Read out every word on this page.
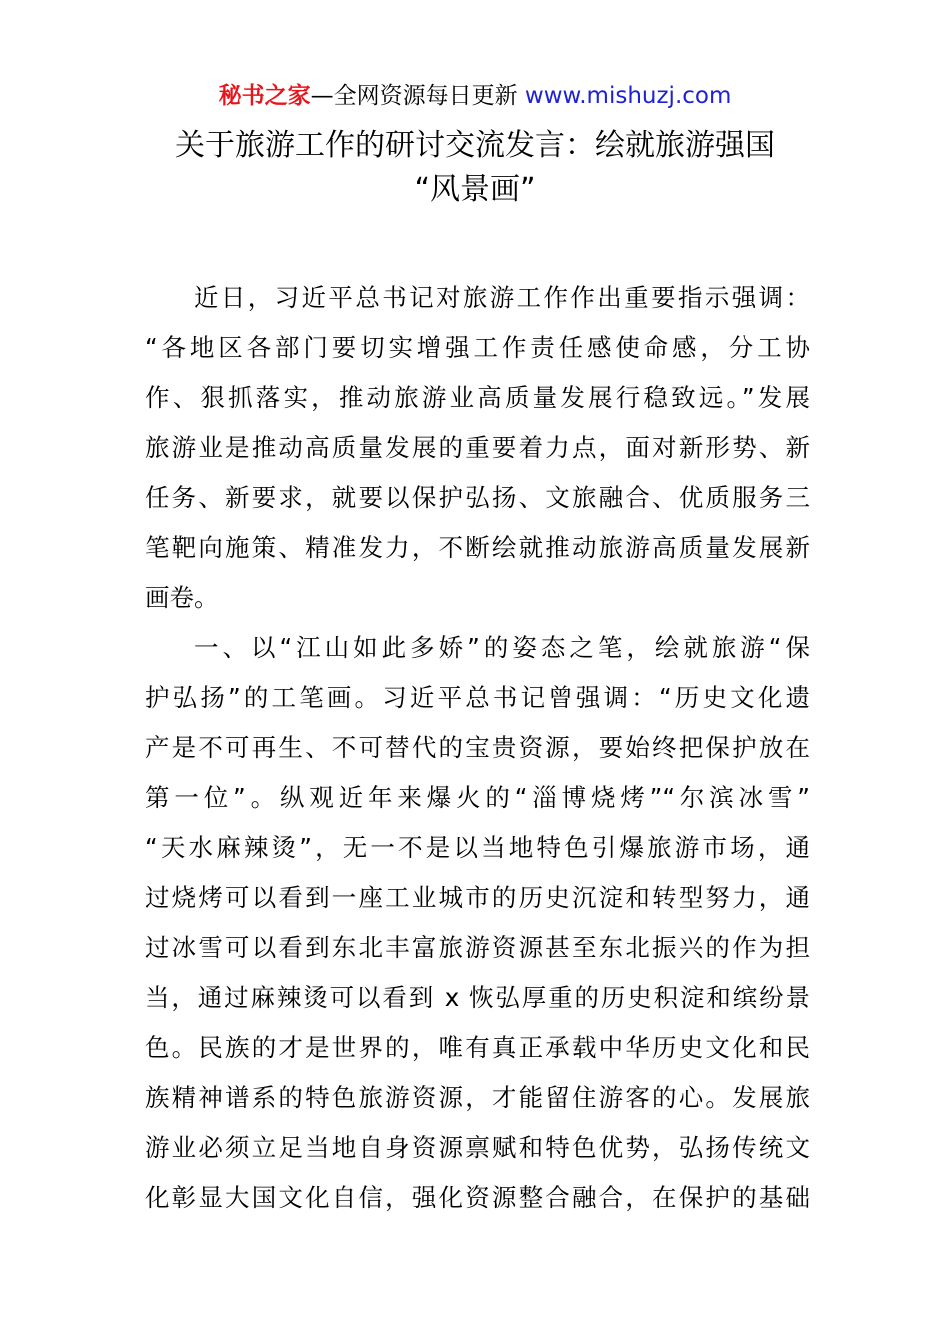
秘书之家—全网资源每日更新 www.mishuzj.com
关于旅游工作的研讨交流发言：绘就旅游强国
“风景画”
近日，习近平总书记对旅游工作作出重要指示强调：
“各地区各部门要切实增强工作责任感使命感，分工协
作、狠抓落实，推动旅游业高质量发展行稳致远。”发展
旅游业是推动高质量发展的重要着力点，面对新形势、新
任务、新要求，就要以保护弘扬、文旅融合、优质服务三
笔靶向施策、精准发力，不断绘就推动旅游高质量发展新
画卷。
一、以“江山如此多娇”的姿态之笔，绘就旅游“保
护弘扬”的工笔画。习近平总书记曾强调：“历史文化遗
产是不可再生、不可替代的宝贵资源，要始终把保护放在
第一位”。纵观近年来爆火的“淄博烧烤”“尔滨冰雪”
“天水麻辣烫”，无一不是以当地特色引爆旅游市场，通
过烧烤可以看到一座工业城市的历史沉淀和转型努力，通
过冰雪可以看到东北丰富旅游资源甚至东北振兴的作为担
当，通过麻辣烫可以看到 x 恢弘厚重的历史积淀和缤纷景
色。民族的才是世界的，唯有真正承载中华历史文化和民
族精神谱系的特色旅游资源，才能留住游客的心。发展旅
游业必须立足当地自身资源禀赋和特色优势，弘扬传统文
化彰显大国文化自信，强化资源整合融合，在保护的基础
